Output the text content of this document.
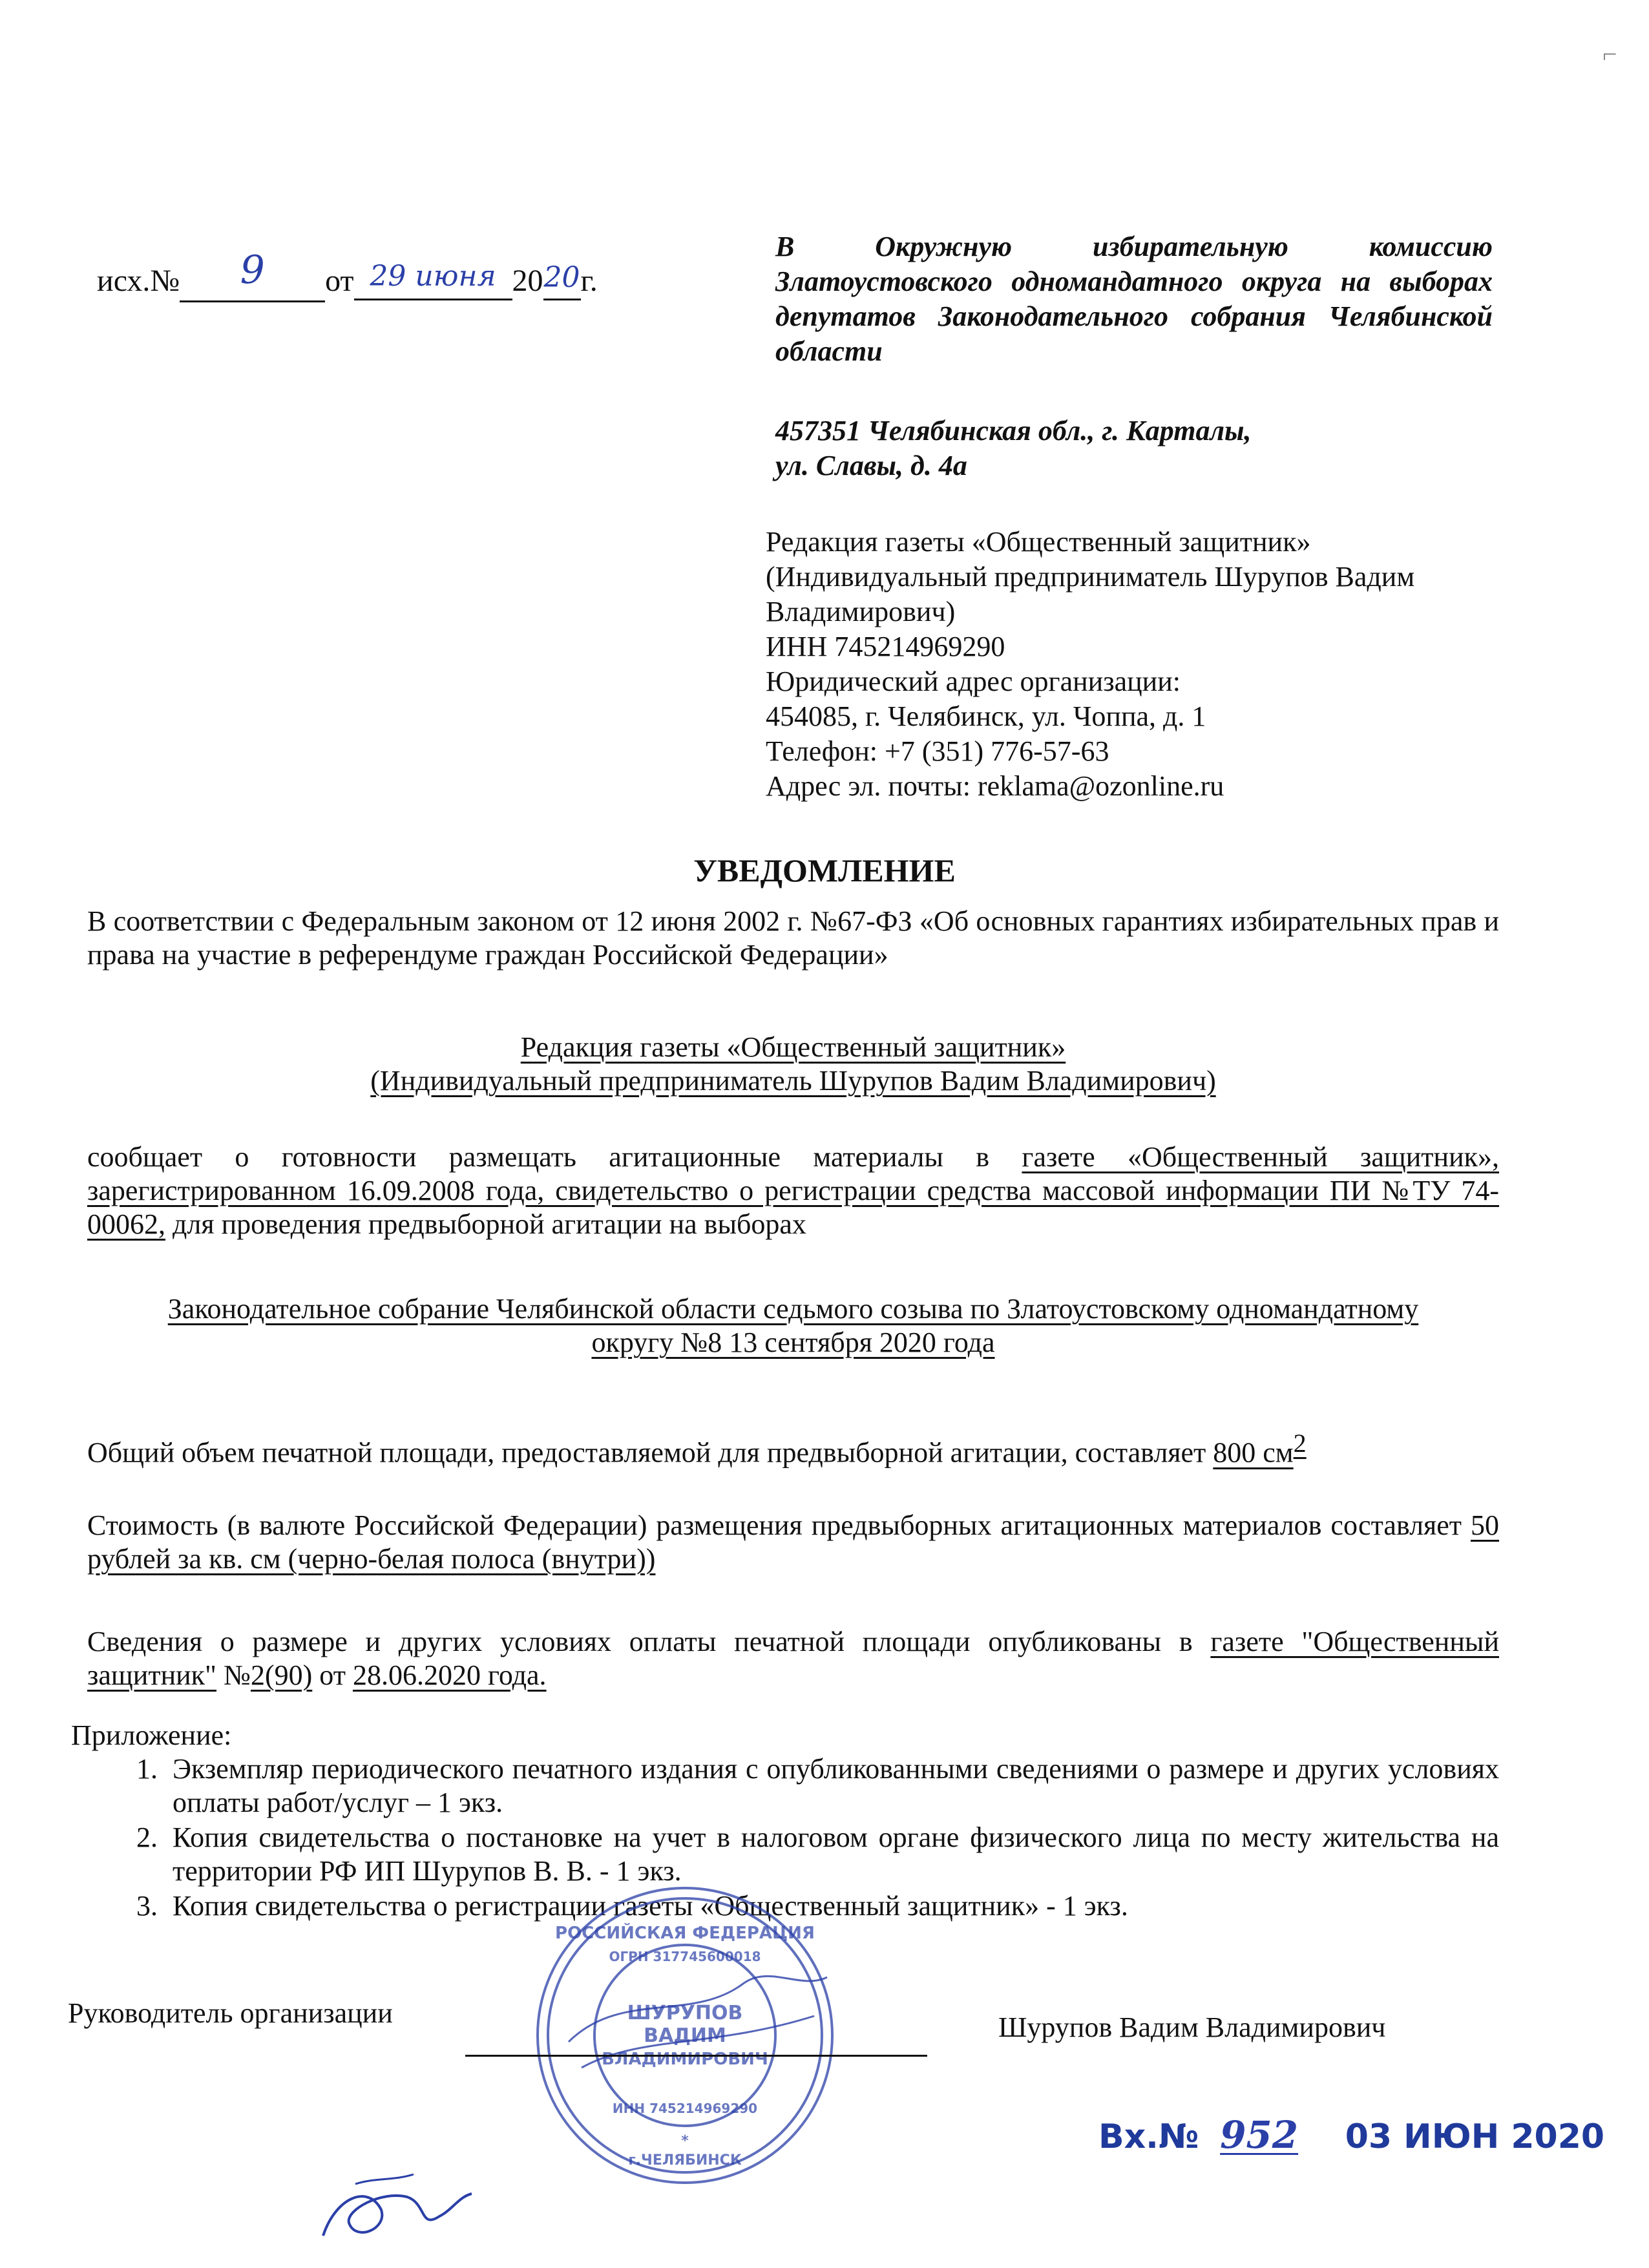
⌐
исх.№ 9 от 29 июня 2020г.
В Окружную избирательную комиссию Златоустовского одномандатного округа на выборах депутатов Законодательного собрания Челябинской области
457351 Челябинская обл., г. Карталы,
ул. Славы, д. 4а
Редакция газеты «Общественный защитник»
(Индивидуальный предприниматель Шурупов Вадим Владимирович)
ИНН 745214969290
Юридический адрес организации:
454085, г. Челябинск, ул. Чоппа, д. 1
Телефон: +7 (351) 776-57-63
Адрес эл. почты: reklama@ozonline.ru
УВЕДОМЛЕНИЕ
В соответствии с Федеральным законом от 12 июня 2002 г. №67-ФЗ «Об основных гарантиях избирательных прав и права на участие в референдуме граждан Российской Федерации»
Редакция газеты «Общественный защитник»
(Индивидуальный предприниматель Шурупов Вадим Владимирович)
сообщает о готовности размещать агитационные материалы в газете «Общественный защитник», зарегистрированном 16.09.2008 года, свидетельство о регистрации средства массовой информации ПИ №ТУ 74-00062, для проведения предвыборной агитации на выборах
Законодательное собрание Челябинской области седьмого созыва по Златоустовскому одномандатному
округу №8 13 сентября 2020 года
Общий объем печатной площади, предоставляемой для предвыборной агитации, составляет 800 $см^2$
Стоимость (в валюте Российской Федерации) размещения предвыборных агитационных материалов составляет 50 рублей за кв. см (черно-белая полоса (внутри))
Сведения о размере и других условиях оплаты печатной площади опубликованы в газете "Общественный защитник" №2(90) от 28.06.2020 года.
Приложение:
1. Экземпляр периодического печатного издания с опубликованными сведениями о размере и других условиях оплаты работ/услуг – 1 экз.
2. Копия свидетельства о постановке на учет в налоговом органе физического лица по месту жительства на территории РФ ИП Шурупов В. В. - 1 экз.
3. Копия свидетельства о регистрации газеты «Общественный защитник» - 1 экз.
ШУРУПОВ
ВАДИМ
ВЛАДИМИРОВИЧ
РОССИЙСКАЯ ФЕДЕРАЦИЯ
ОГРН 317745600018
ИНН 745214969290
г.ЧЕЛЯБИНСК
*
Руководитель организации	Шурупов Вадим Владимирович
Вх.№ 952 03 ИЮН 2020
